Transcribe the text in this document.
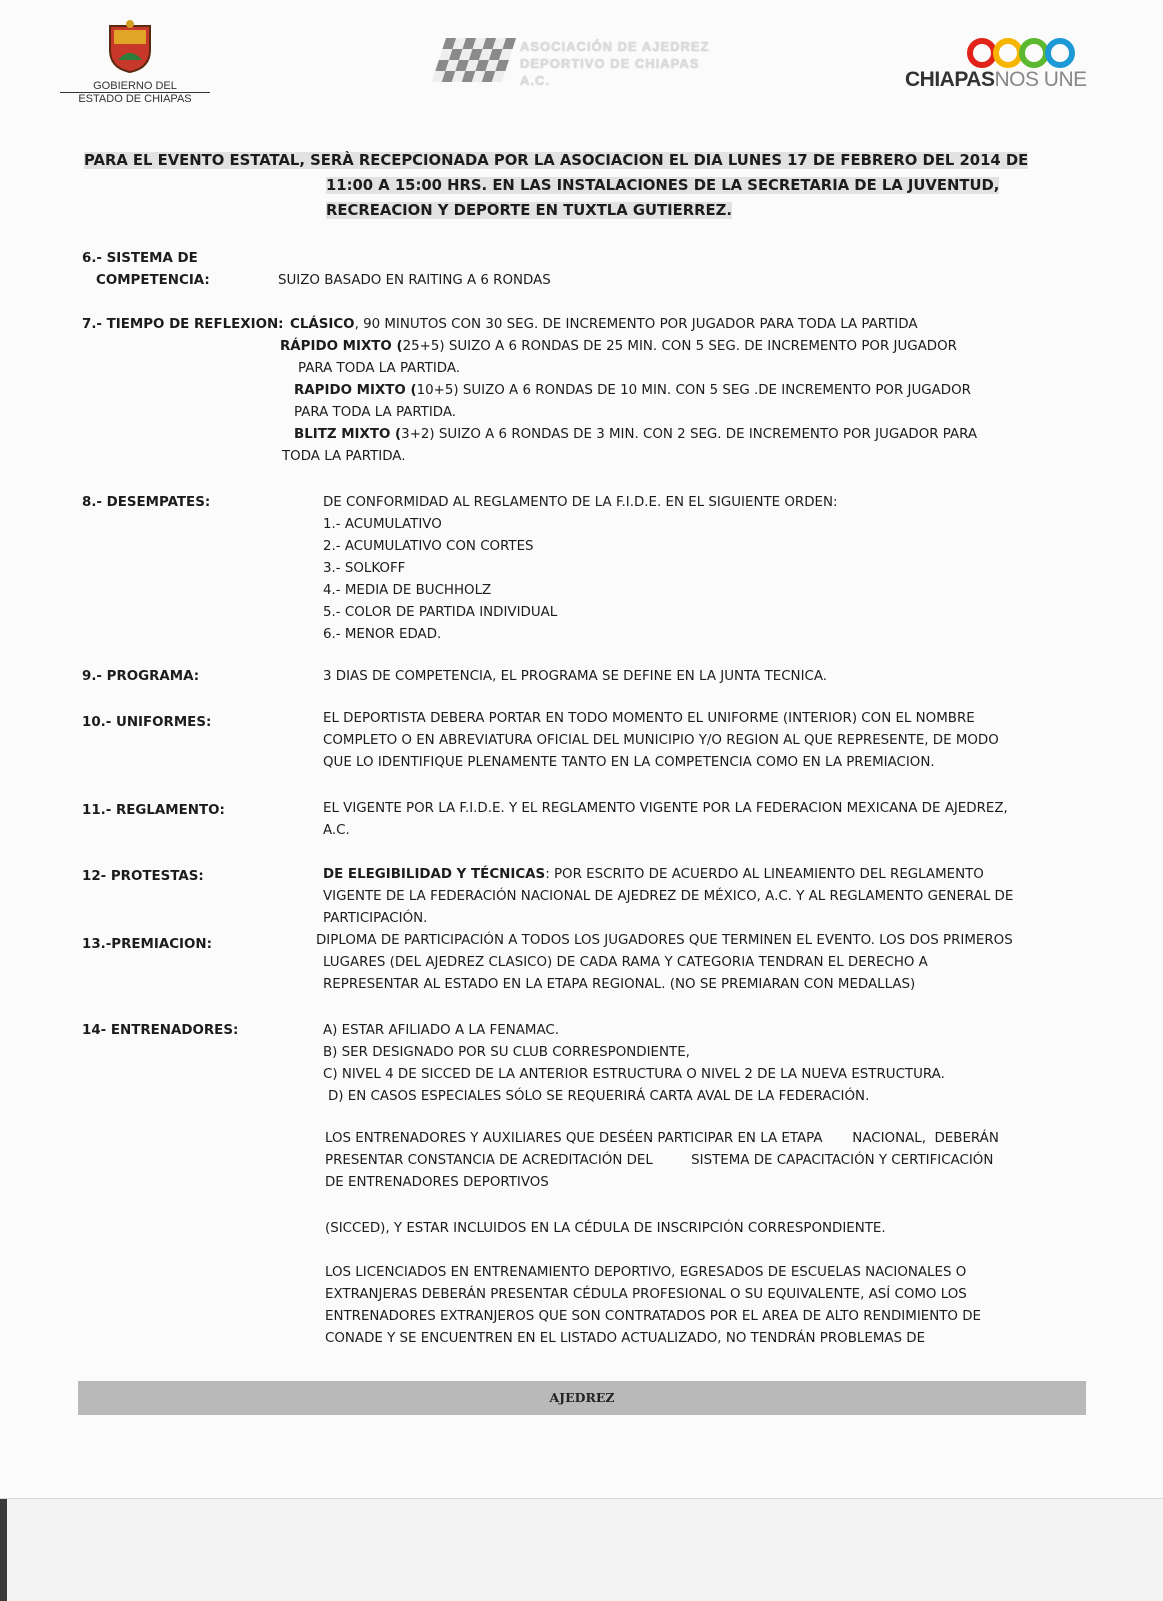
GOBIERNO DEL
ESTADO DE CHIAPAS
ASOCIACIÓN DE AJEDREZ
DEPORTIVO DE CHIAPAS A.C.	CHIAPASNOS UNE
PARA EL EVENTO ESTATAL, SERÀ RECEPCIONADA POR LA ASOCIACION EL DIA LUNES 17 DE FEBRERO DEL 2014 DE
11:00 A 15:00 HRS. EN LAS INSTALACIONES DE LA SECRETARIA DE LA JUVENTUD,
RECREACION Y DEPORTE EN TUXTLA GUTIERREZ.
6.- SISTEMA DE
COMPETENCIA:	SUIZO BASADO EN RAITING A 6 RONDAS
7.- TIEMPO DE REFLEXION: CLÁSICO, 90 MINUTOS CON 30 SEG. DE INCREMENTO POR JUGADOR PARA TODA LA PARTIDA
RÁPIDO MIXTO (25+5) SUIZO A 6 RONDAS DE 25 MIN. CON 5 SEG. DE INCREMENTO POR JUGADOR
PARA TODA LA PARTIDA.
RAPIDO MIXTO (10+5) SUIZO A 6 RONDAS DE 10 MIN. CON 5 SEG .DE INCREMENTO POR JUGADOR
PARA TODA LA PARTIDA.
BLITZ MIXTO (3+2) SUIZO A 6 RONDAS DE 3 MIN. CON 2 SEG. DE INCREMENTO POR JUGADOR PARA
TODA LA PARTIDA.
8.- DESEMPATES:	DE CONFORMIDAD AL REGLAMENTO DE LA F.I.D.E. EN EL SIGUIENTE ORDEN:
1.- ACUMULATIVO
2.- ACUMULATIVO CON CORTES
3.- SOLKOFF
4.- MEDIA DE BUCHHOLZ
5.- COLOR DE PARTIDA INDIVIDUAL
6.- MENOR EDAD.
9.- PROGRAMA:	3 DIAS DE COMPETENCIA, EL PROGRAMA SE DEFINE EN LA JUNTA TECNICA.
10.- UNIFORMES:	EL DEPORTISTA DEBERA PORTAR EN TODO MOMENTO EL UNIFORME (INTERIOR) CON EL NOMBRE
COMPLETO O EN ABREVIATURA OFICIAL DEL MUNICIPIO Y/O REGION AL QUE REPRESENTE, DE MODO
QUE LO IDENTIFIQUE PLENAMENTE TANTO EN LA COMPETENCIA COMO EN LA PREMIACION.
11.- REGLAMENTO:	EL VIGENTE POR LA F.I.D.E. Y EL REGLAMENTO VIGENTE POR LA FEDERACION MEXICANA DE AJEDREZ,
A.C.
12- PROTESTAS:	DE ELEGIBILIDAD Y TÉCNICAS: POR ESCRITO DE ACUERDO AL LINEAMIENTO DEL REGLAMENTO
VIGENTE DE LA FEDERACIÓN NACIONAL DE AJEDREZ DE MÉXICO, A.C. Y AL REGLAMENTO GENERAL DE
PARTICIPACIÓN.
13.-PREMIACION:	DIPLOMA DE PARTICIPACIÓN A TODOS LOS JUGADORES QUE TERMINEN EL EVENTO. LOS DOS PRIMEROS
LUGARES (DEL AJEDREZ CLASICO) DE CADA RAMA Y CATEGORIA TENDRAN EL DERECHO A
REPRESENTAR AL ESTADO EN LA ETAPA REGIONAL. (NO SE PREMIARAN CON MEDALLAS)
14- ENTRENADORES:	A) ESTAR AFILIADO A LA FENAMAC.
B) SER DESIGNADO POR SU CLUB CORRESPONDIENTE,
C) NIVEL 4 DE SICCED DE LA ANTERIOR ESTRUCTURA O NIVEL 2 DE LA NUEVA ESTRUCTURA.
D) EN CASOS ESPECIALES SÓLO SE REQUERIRÁ CARTA AVAL DE LA FEDERACIÓN.
LOS ENTRENADORES Y AUXILIARES QUE DESÉEN PARTICIPAR EN LA ETAPA       NACIONAL,  DEBERÁN
PRESENTAR CONSTANCIA DE ACREDITACIÓN DEL         SISTEMA DE CAPACITACIÓN Y CERTIFICACIÓN
DE ENTRENADORES DEPORTIVOS
(SICCED), Y ESTAR INCLUIDOS EN LA CÉDULA DE INSCRIPCIÓN CORRESPONDIENTE.
LOS LICENCIADOS EN ENTRENAMIENTO DEPORTIVO, EGRESADOS DE ESCUELAS NACIONALES O
EXTRANJERAS DEBERÁN PRESENTAR CÉDULA PROFESIONAL O SU EQUIVALENTE, ASÍ COMO LOS
ENTRENADORES EXTRANJEROS QUE SON CONTRATADOS POR EL AREA DE ALTO RENDIMIENTO DE
CONADE Y SE ENCUENTREN EN EL LISTADO ACTUALIZADO, NO TENDRÁN PROBLEMAS DE
AJEDREZ
